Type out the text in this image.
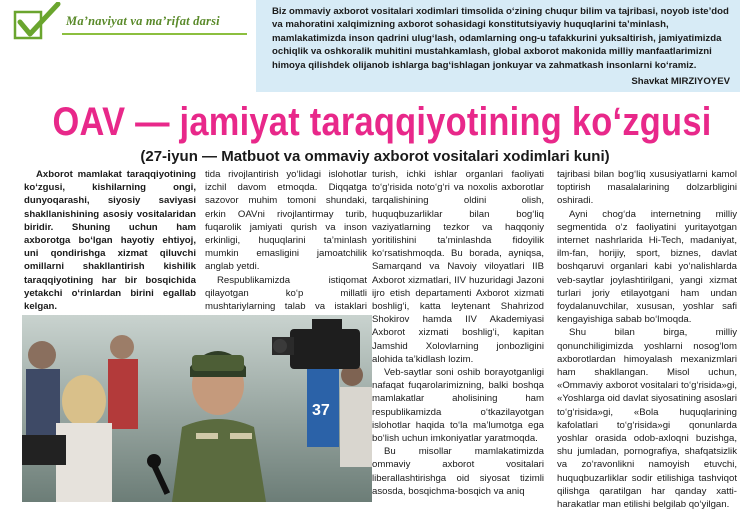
Ma’naviyat va ma’rifat darsi
Biz ommaviy axborot vositalari xodimlari timsolida o‘zining chuqur bilim va tajribasi, noyob iste’dod va mahoratini xalqimizning axborot sohasidagi konstitutsiyaviy huquqlarini ta’minlash, mamlakatimizda inson qadrini ulug‘lash, odamlarning ong-u tafakkurini yuksaltirish, jamiyatimizda ochiqlik va oshkoralik muhitini mustahkamlash, global axborot makonida milliy manfaatlarimizni himoya qilishdek olijanob ishlarga bag‘ishlagan jonkuyar va zahmatkash insonlarni ko‘ramiz.
Shavkat MIRZIYOYEV
OAV — jamiyat taraqqiyotining ko‘zgusi
(27-iyun — Matbuot va ommaviy axborot vositalari xodimlari kuni)

Axborot mamlakat taraqqiyotining ko‘zgusi, kishilarning ongi, dunyoqarashi, siyosiy saviyasi shakllanishining asosiy vositalaridan biridir. Shuning uchun ham axborotga bo‘lgan hayotiy ehtiyoj, uni qondirishga xizmat qiluvchi omillarni shakllantirish kishilik taraqqiyotining har bir bosqichida yetakchi o‘rinlardan birini egallab kelgan.

tida rivojlantirish yo‘lidagi islohotlar izchil davom etmoqda. Diqqatga sazovor muhim tomoni shundaki, erkin OAVni rivojlantirmay turib, fuqarolik jamiyati qurish va inson erkinligi, huquqlarini ta’minlash mumkin emasligini jamoatchilik anglab yetdi.

Respublikamizda istiqomat qilayotgan ko‘p millatli mushtariylarning talab va istaklari

turish, ichki ishlar organlari faoliyati to‘g‘risida noto‘g‘ri va noxolis axborotlar tarqalishining oldini olish, huquqbuzarliklar bilan bog‘liq vaziyatlarning tezkor va haqqoniy yoritilishini ta’minlashda fidoyilik ko‘rsatishmoqda. Bu borada, ayniqsa, Samarqand va Navoiy viloyatlari IIB Axborot xizmatlari, IIV huzuridagi Jazoni ijro etish departamenti Axborot xizmati boshlig‘i, katta leytenant Shahrizod Shokirov hamda IIV Akademiyasi Axborot xizmati boshlig‘i, kapitan Jamshid Xolovlarning jonbozligini alohida ta’kidlash lozim.

Veb-saytlar soni oshib borayotganligi nafaqat fuqarolarimizning, balki boshqa mamlakatlar aholisining ham respublikamizda o‘tkazilayotgan islohotlar haqida to‘la ma’lumotga ega bo‘lish uchun imkoniyatlar yaratmoqda.

Bu misollar mamlakatimizda ommaviy axborot vositalari liberallashtirishga oid siyosat tizimli asosda, bosqichma-bosqich va aniq

tajribasi bilan bog‘liq xususiyatlarni kamol toptirish masalalarining dolzarbligini oshiradi.

Ayni chog‘da internetning milliy segmentida o‘z faoliyatini yuritayotgan internet nashrlarida Hi-Tech, madaniyat, ilm-fan, horijiy, sport, biznes, davlat boshqaruvi organlari kabi yo‘nalishlarda veb-saytlar joylashtirilgani, yangi xizmat turlari joriy etilayotgani ham undan foydalanuvchilar, xususan, yoshlar safi kengayishiga sabab bo‘lmoqda.

Shu bilan birga, milliy qonunchiligimizda yoshlarni nosog‘lom axborotlardan himoyalash mexanizmlari ham shakllangan. Misol uchun, «Ommaviy axborot vositalari to‘g‘risida»gi, «Yoshlarga oid davlat siyosatining asoslari to‘g‘risida»gi, «Bola huquqlarining kafolatlari to‘g‘risida»gi qonunlarda yoshlar orasida odob-axloqni buzishga, shu jumladan, pornografiya, shafqatsizlik va zo‘ravonlikni namoyish etuvchi, huquqbuzarliklar sodir etilishiga tashviqot qilishga qaratilgan har qanday xatti-harakatlar man etilishi belgilab qo‘yilgan.

37
